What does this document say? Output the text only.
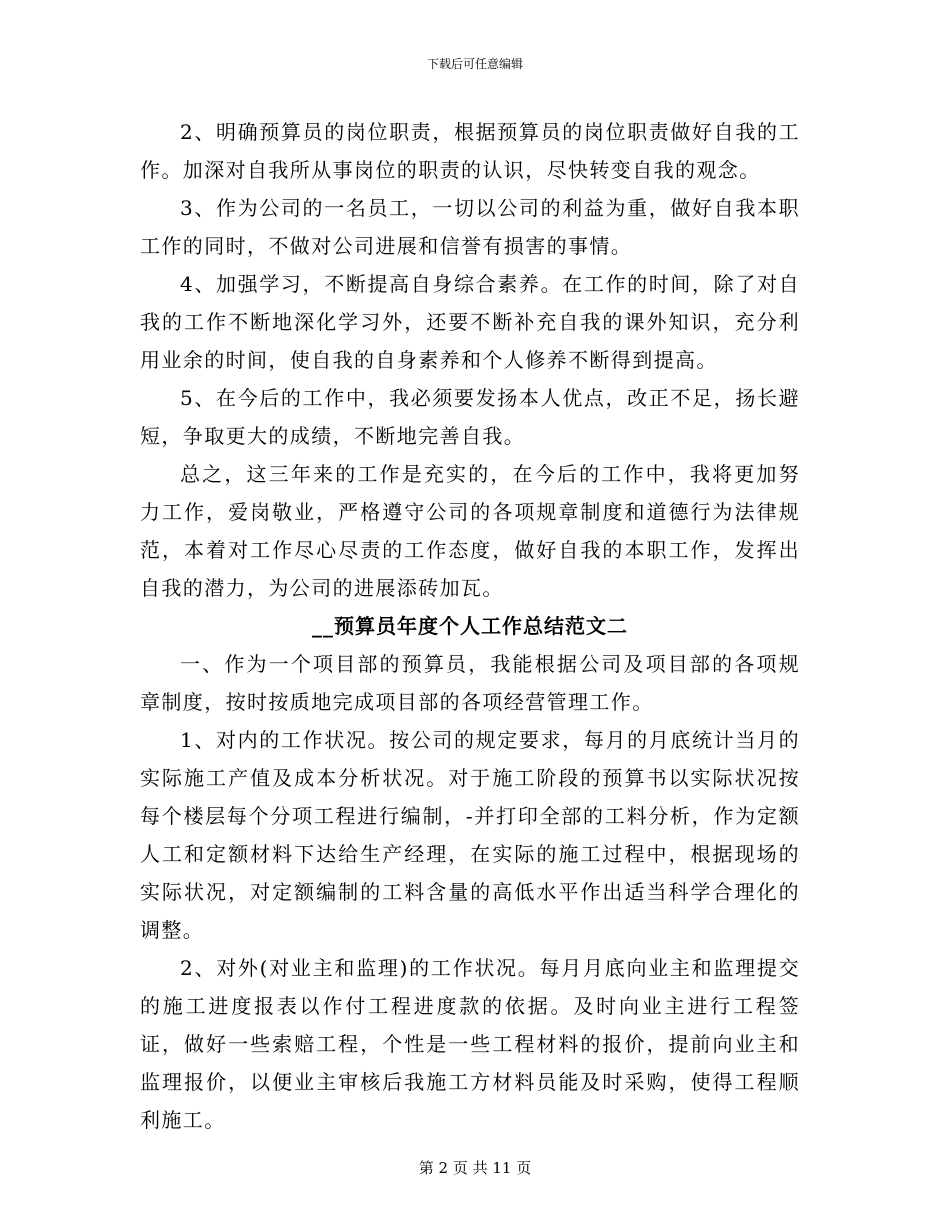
下载后可任意编辑

2、明确预算员的岗位职责，根据预算员的岗位职责做好自我的工作。加深对自我所从事岗位的职责的认识，尽快转变自我的观念。

3、作为公司的一名员工，一切以公司的利益为重，做好自我本职工作的同时，不做对公司进展和信誉有损害的事情。

4、加强学习，不断提高自身综合素养。在工作的时间，除了对自我的工作不断地深化学习外，还要不断补充自我的课外知识，充分利用业余的时间，使自我的自身素养和个人修养不断得到提高。

5、在今后的工作中，我必须要发扬本人优点，改正不足，扬长避短，争取更大的成绩，不断地完善自我。

总之，这三年来的工作是充实的，在今后的工作中，我将更加努力工作，爱岗敬业，严格遵守公司的各项规章制度和道德行为法律规范，本着对工作尽心尽责的工作态度，做好自我的本职工作，发挥出自我的潜力，为公司的进展添砖加瓦。

__预算员年度个人工作总结范文二

一、作为一个项目部的预算员，我能根据公司及项目部的各项规章制度，按时按质地完成项目部的各项经营管理工作。

1、对内的工作状况。按公司的规定要求，每月的月底统计当月的实际施工产值及成本分析状况。对于施工阶段的预算书以实际状况按每个楼层每个分项工程进行编制，-并打印全部的工料分析，作为定额人工和定额材料下达给生产经理，在实际的施工过程中，根据现场的实际状况，对定额编制的工料含量的高低水平作出适当科学合理化的调整。

2、对外(对业主和监理)的工作状况。每月月底向业主和监理提交的施工进度报表以作付工程进度款的依据。及时向业主进行工程签证，做好一些索赔工程，个性是一些工程材料的报价，提前向业主和监理报价，以便业主审核后我施工方材料员能及时采购，使得工程顺利施工。

第 2 页 共 11 页
